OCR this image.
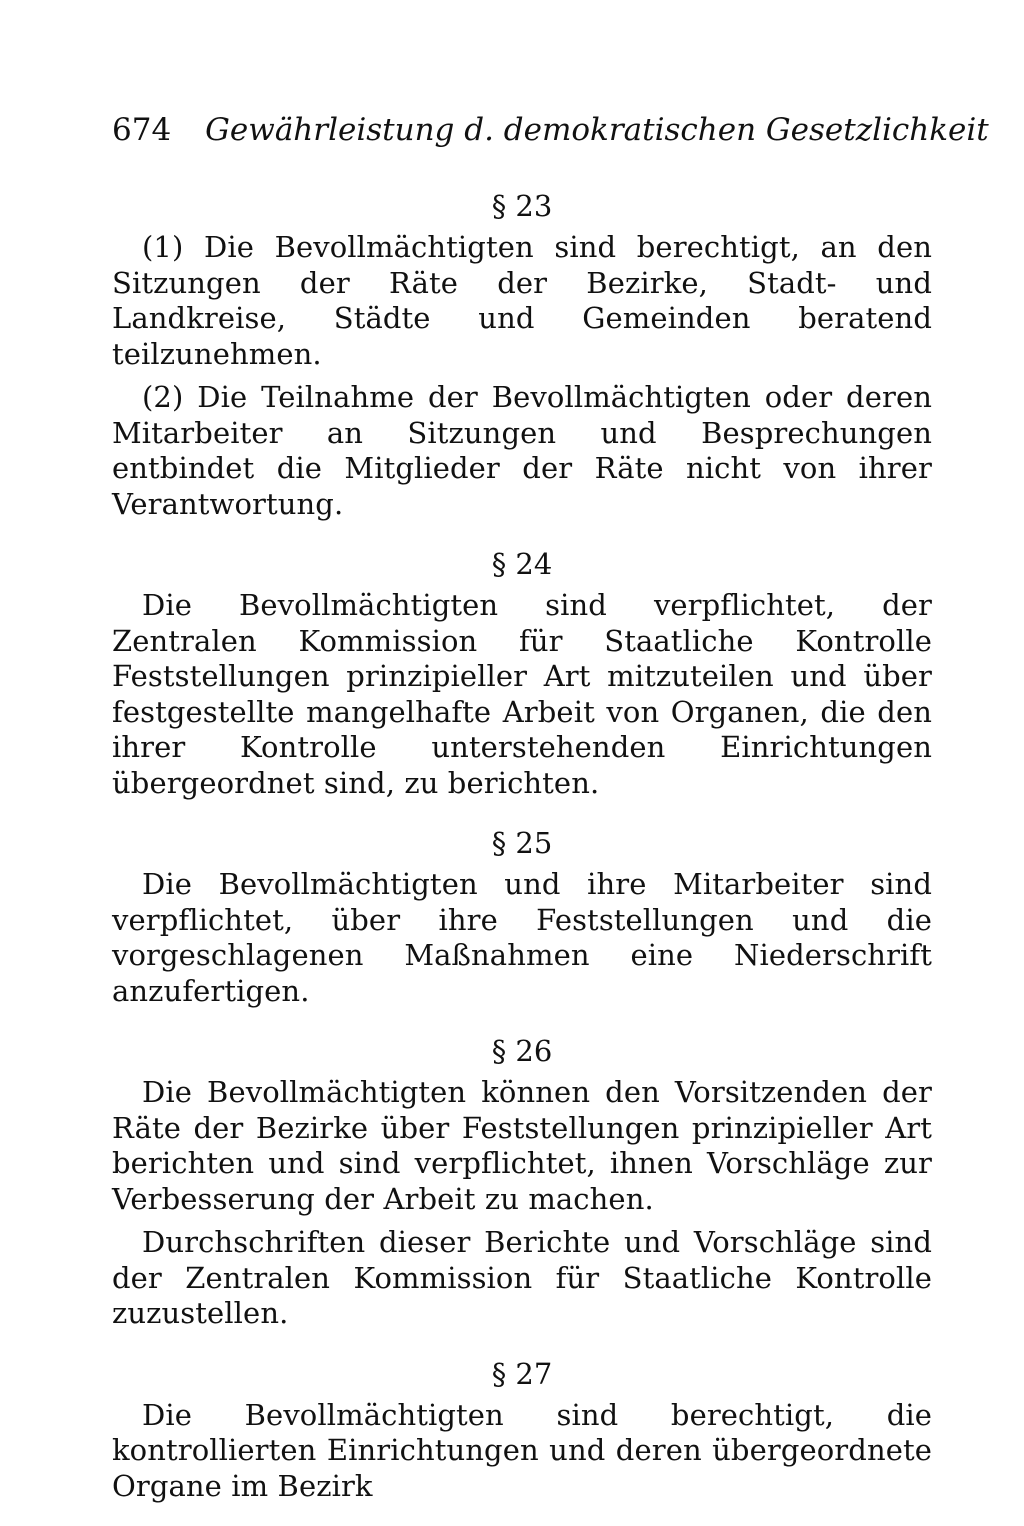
674 Gewährleistung d. demokratischen Gesetzlichkeit
§ 23

(1) Die Bevollmächtigten sind berechtigt, an den Sitzungen der Räte der Bezirke, Stadt- und Landkreise, Städte und Gemeinden beratend teilzunehmen.

(2) Die Teilnahme der Bevollmächtigten oder deren Mitarbeiter an Sitzungen und Besprechungen entbindet die Mitglieder der Räte nicht von ihrer Verantwortung.

§ 24

Die Bevollmächtigten sind verpflichtet, der Zentralen Kommission für Staatliche Kontrolle Feststellungen prinzipieller Art mitzuteilen und über festgestellte mangelhafte Arbeit von Organen, die den ihrer Kontrolle unterstehenden Einrichtungen übergeordnet sind, zu berichten.

§ 25

Die Bevollmächtigten und ihre Mitarbeiter sind verpflichtet, über ihre Feststellungen und die vorgeschlagenen Maßnahmen eine Niederschrift anzufertigen.

§ 26

Die Bevollmächtigten können den Vorsitzenden der Räte der Bezirke über Feststellungen prinzipieller Art berichten und sind verpflichtet, ihnen Vorschläge zur Verbesserung der Arbeit zu machen.

Durchschriften dieser Berichte und Vorschläge sind der Zentralen Kommission für Staatliche Kontrolle zuzustellen.

§ 27

Die Bevollmächtigten sind berechtigt, die kontrollierten Einrichtungen und deren übergeordnete Organe im Bezirk
